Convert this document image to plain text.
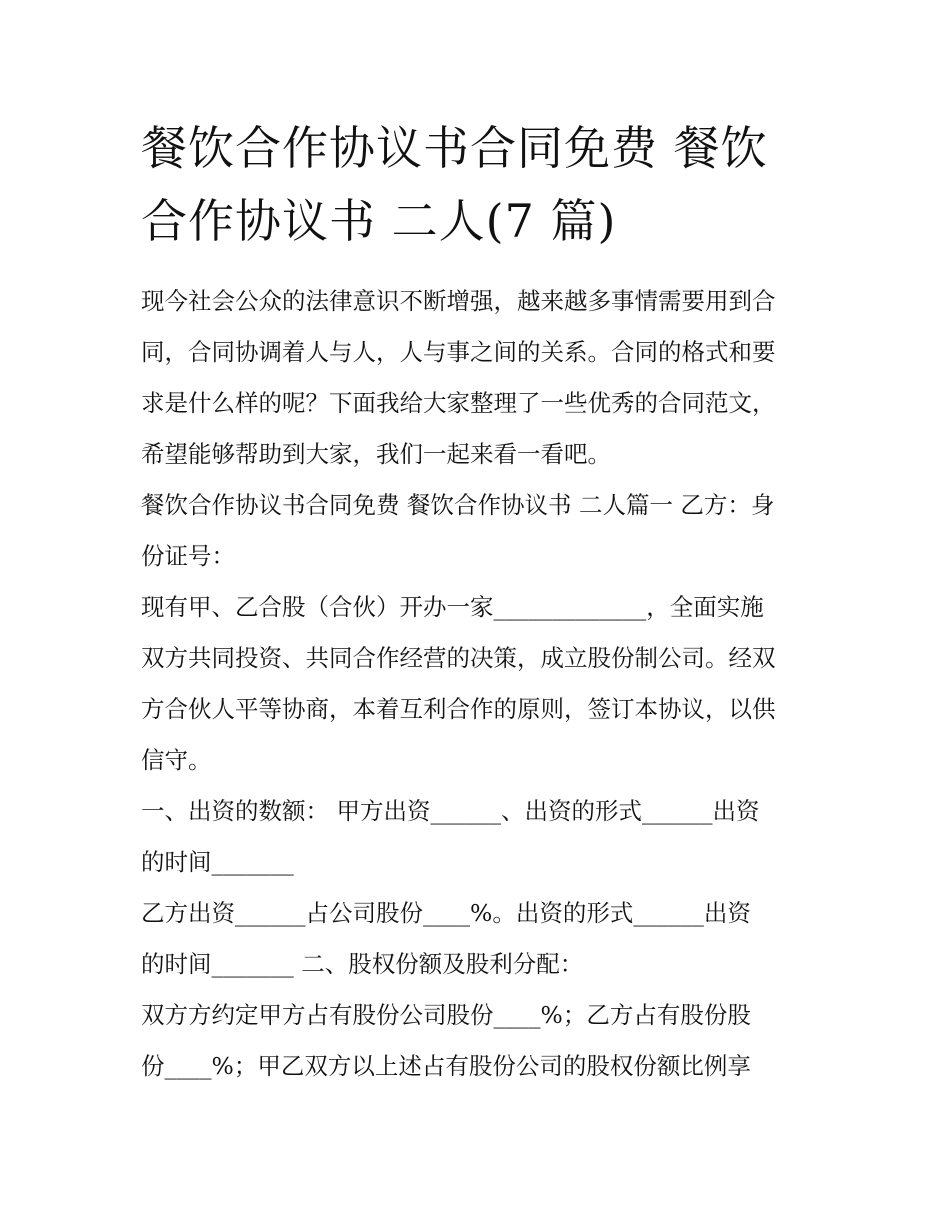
餐饮合作协议书合同免费 餐饮
合作协议书 二人(7 篇)

现今社会公众的法律意识不断增强，越来越多事情需要用到合
同，合同协调着人与人，人与事之间的关系。合同的格式和要
求是什么样的呢？下面我给大家整理了一些优秀的合同范文，
希望能够帮助到大家，我们一起来看一看吧。

餐饮合作协议书合同免费 餐饮合作协议书 二人篇一 乙方：身
份证号：

现有甲、乙合股（合伙）开办一家_____________，全面实施
双方共同投资、共同合作经营的决策，成立股份制公司。经双
方合伙人平等协商，本着互利合作的原则，签订本协议，以供
信守。

一、出资的数额： 甲方出资______、出资的形式______出资
的时间_______

乙方出资______占公司股份____%。出资的形式______出资
的时间_______ 二、股权份额及股利分配：

双方方约定甲方占有股份公司股份____%；乙方占有股份股
份____%；甲乙双方以上述占有股份公司的股权份额比例享
